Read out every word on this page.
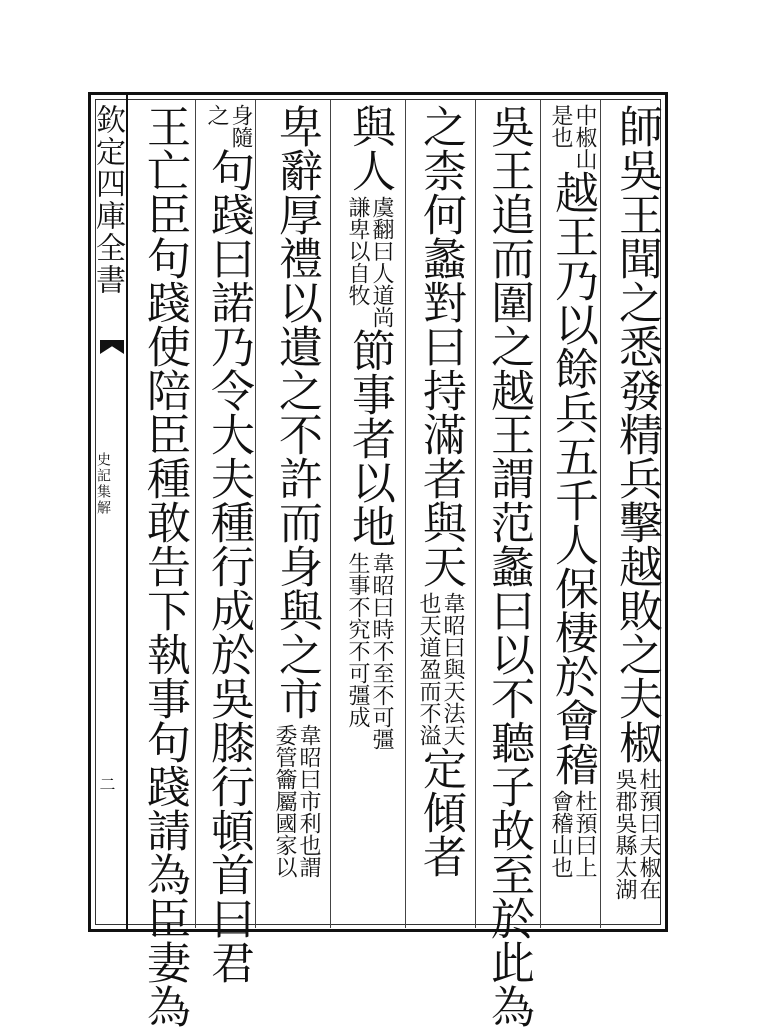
欽定四庫全書
史記集解
二
師吳王聞之悉發精兵擊越敗之夫椒
杜預曰夫椒在
吳郡吳縣太湖
中椒山
是也
越王乃以餘兵五千人保棲於會稽
杜預曰上
會稽山也
吳王追而圍之越王謂范蠡曰以不聽子故至於此為
之柰何蠡對曰持滿者與天
韋昭曰與天法天
也天道盈而不溢
定傾者
與人
虞翻曰人道尚
謙卑以自牧
節事者以地
韋昭曰時不至不可彊
生事不究不可彊成
卑辭厚禮以遺之不許而身與之市
韋昭曰市利也謂
委管籥屬國家以
身隨
之
句踐曰諾乃令大夫種行成於吳膝行頓首曰君
王亡臣句踐使陪臣種敢告下執事句踐請為臣妻為
